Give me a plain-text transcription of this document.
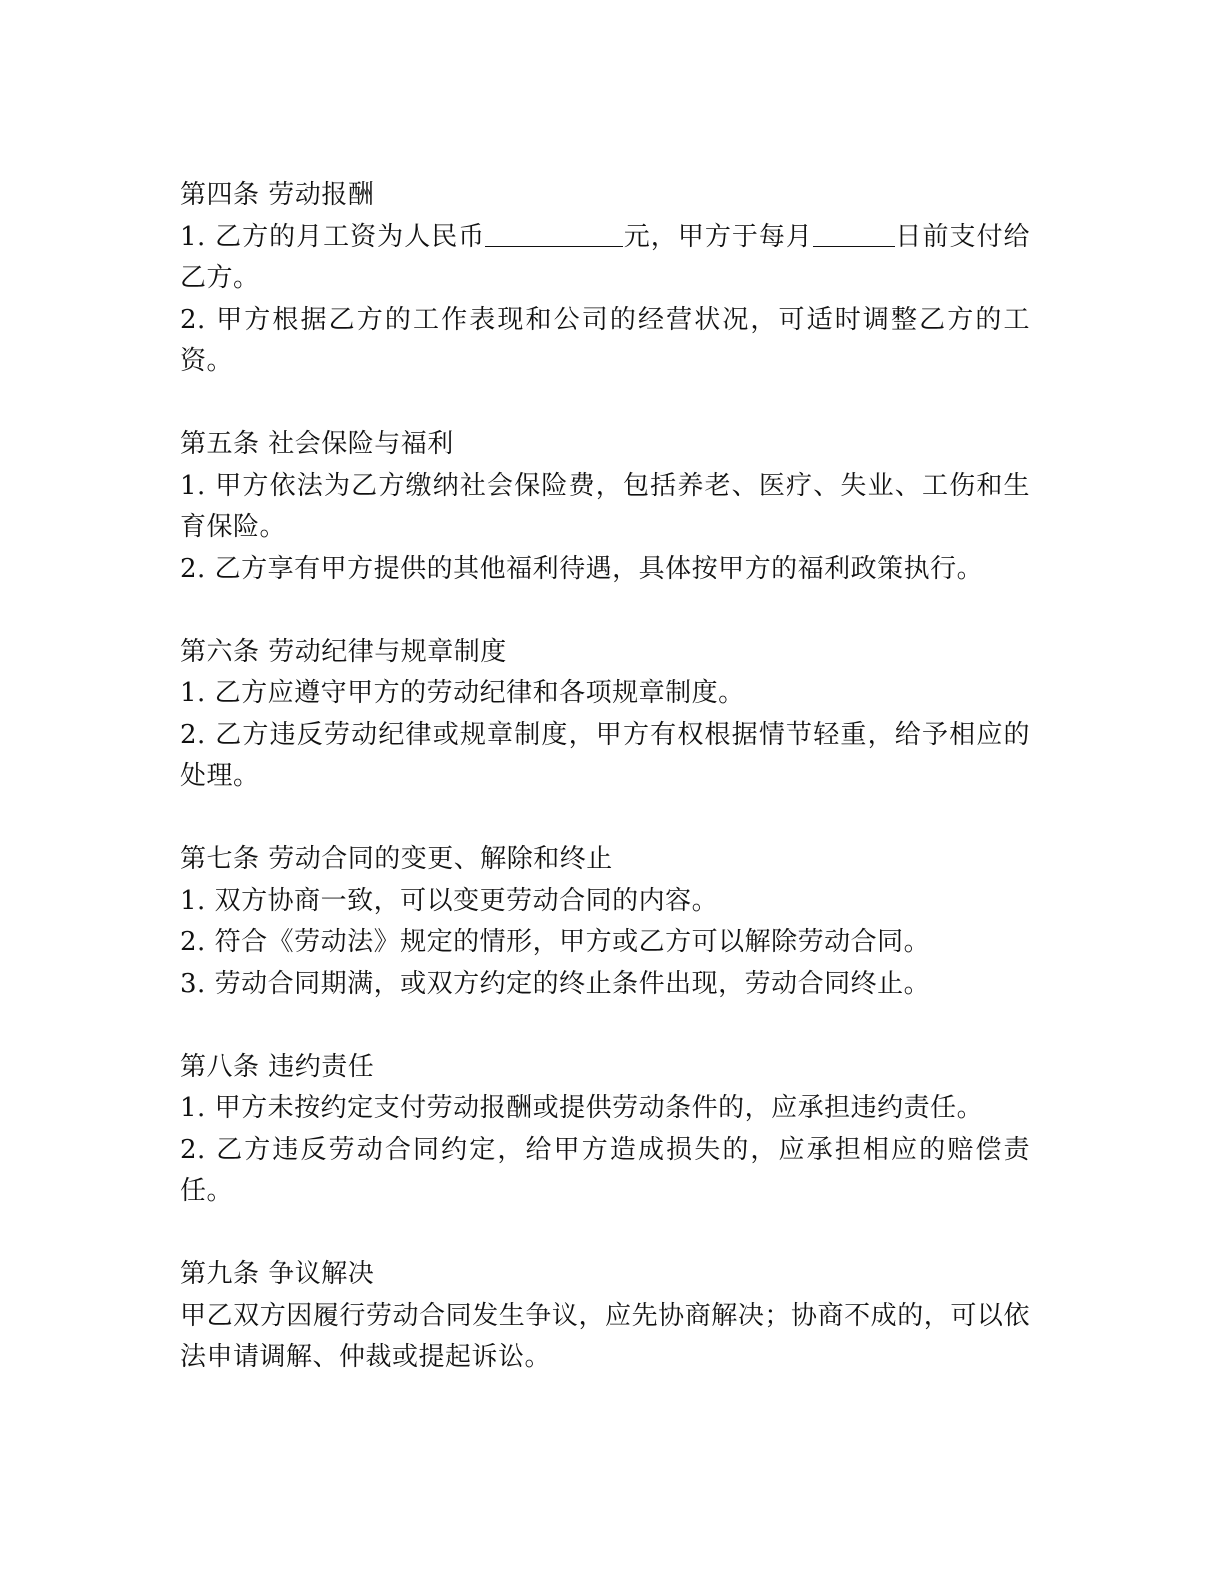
第四条 劳动报酬
1. 乙方的月工资为人民币	元，甲方于每月	日前支付给乙方。
2. 甲方根据乙方的工作表现和公司的经营状况，可适时调整乙方的工资。
第五条 社会保险与福利
1. 甲方依法为乙方缴纳社会保险费，包括养老、医疗、失业、工伤和生育保险。
2. 乙方享有甲方提供的其他福利待遇，具体按甲方的福利政策执行。
第六条 劳动纪律与规章制度
1. 乙方应遵守甲方的劳动纪律和各项规章制度。
2. 乙方违反劳动纪律或规章制度，甲方有权根据情节轻重，给予相应的处理。
第七条 劳动合同的变更、解除和终止
1. 双方协商一致，可以变更劳动合同的内容。
2. 符合《劳动法》规定的情形，甲方或乙方可以解除劳动合同。
3. 劳动合同期满，或双方约定的终止条件出现，劳动合同终止。
第八条 违约责任
1. 甲方未按约定支付劳动报酬或提供劳动条件的，应承担违约责任。
2. 乙方违反劳动合同约定，给甲方造成损失的，应承担相应的赔偿责任。
第九条 争议解决
甲乙双方因履行劳动合同发生争议，应先协商解决；协商不成的，可以依法申请调解、仲裁或提起诉讼。
